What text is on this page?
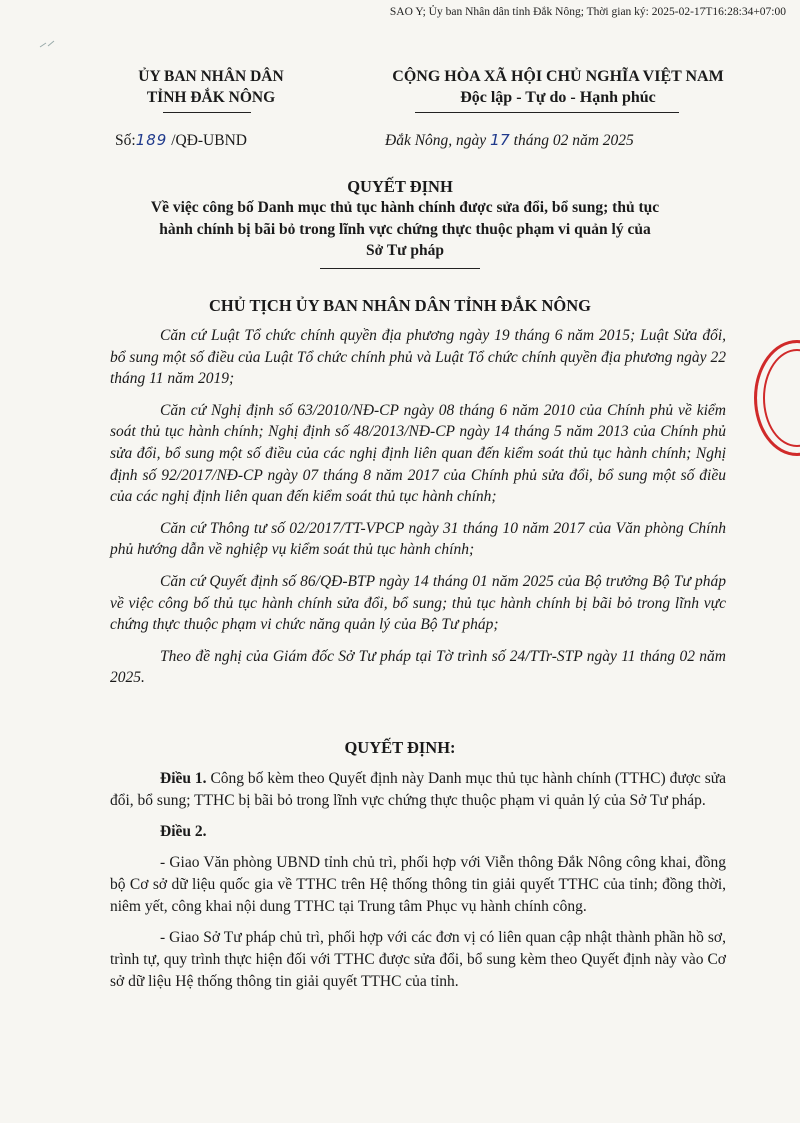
SAO Y; Ủy ban Nhân dân tỉnh Đắk Nông; Thời gian ký: 2025-02-17T16:28:34+07:00
ỦY BAN NHÂN DÂN
TỈNH ĐẮK NÔNG
CỘNG HÒA XÃ HỘI CHỦ NGHĨA VIỆT NAM
Độc lập - Tự do - Hạnh phúc
Số:189 /QĐ-UBND	Đắk Nông, ngày 17 tháng 02 năm 2025
QUYẾT ĐỊNH
Về việc công bố Danh mục thủ tục hành chính được sửa đổi, bổ sung; thủ tục hành chính bị bãi bỏ trong lĩnh vực chứng thực thuộc phạm vi quản lý của Sở Tư pháp
CHỦ TỊCH ỦY BAN NHÂN DÂN TỈNH ĐẮK NÔNG

Căn cứ Luật Tổ chức chính quyền địa phương ngày 19 tháng 6 năm 2015; Luật Sửa đổi, bổ sung một số điều của Luật Tổ chức chính phủ và Luật Tổ chức chính quyền địa phương ngày 22 tháng 11 năm 2019;

Căn cứ Nghị định số 63/2010/NĐ-CP ngày 08 tháng 6 năm 2010 của Chính phủ về kiểm soát thủ tục hành chính; Nghị định số 48/2013/NĐ-CP ngày 14 tháng 5 năm 2013 của Chính phủ sửa đổi, bổ sung một số điều của các nghị định liên quan đến kiểm soát thủ tục hành chính; Nghị định số 92/2017/NĐ-CP ngày 07 tháng 8 năm 2017 của Chính phủ sửa đổi, bổ sung một số điều của các nghị định liên quan đến kiểm soát thủ tục hành chính;

Căn cứ Thông tư số 02/2017/TT-VPCP ngày 31 tháng 10 năm 2017 của Văn phòng Chính phủ hướng dẫn về nghiệp vụ kiểm soát thủ tục hành chính;

Căn cứ Quyết định số 86/QĐ-BTP ngày 14 tháng 01 năm 2025 của Bộ trưởng Bộ Tư pháp về việc công bố thủ tục hành chính sửa đổi, bổ sung; thủ tục hành chính bị bãi bỏ trong lĩnh vực chứng thực thuộc phạm vi chức năng quản lý của Bộ Tư pháp;

Theo đề nghị của Giám đốc Sở Tư pháp tại Tờ trình số 24/TTr-STP ngày 11 tháng 02 năm 2025.

QUYẾT ĐỊNH:

Điều 1. Công bố kèm theo Quyết định này Danh mục thủ tục hành chính (TTHC) được sửa đổi, bổ sung; TTHC bị bãi bỏ trong lĩnh vực chứng thực thuộc phạm vi quản lý của Sở Tư pháp.

Điều 2.

- Giao Văn phòng UBND tỉnh chủ trì, phối hợp với Viễn thông Đắk Nông công khai, đồng bộ Cơ sở dữ liệu quốc gia về TTHC trên Hệ thống thông tin giải quyết TTHC của tỉnh; đồng thời, niêm yết, công khai nội dung TTHC tại Trung tâm Phục vụ hành chính công.

- Giao Sở Tư pháp chủ trì, phối hợp với các đơn vị có liên quan cập nhật thành phần hồ sơ, trình tự, quy trình thực hiện đối với TTHC được sửa đổi, bổ sung kèm theo Quyết định này vào Cơ sở dữ liệu Hệ thống thông tin giải quyết TTHC của tỉnh.
